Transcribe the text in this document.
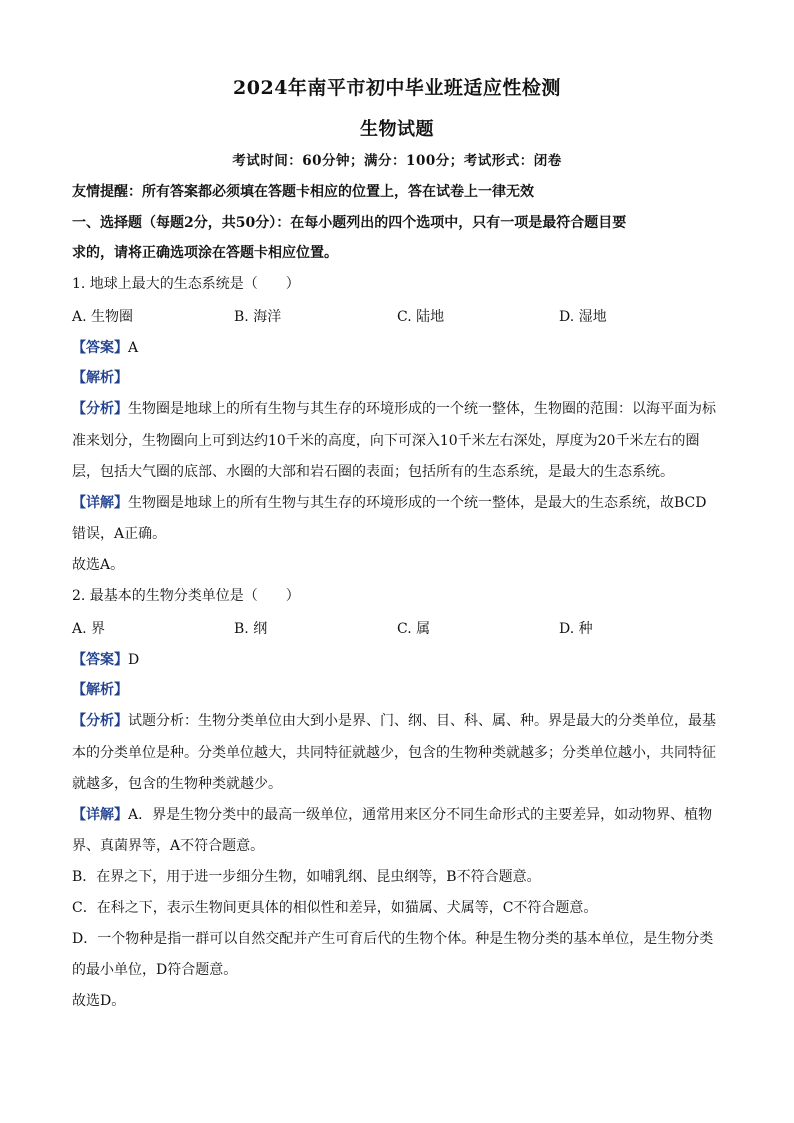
2024年南平市初中毕业班适应性检测
生物试题
考试时间：60分钟；满分：100分；考试形式：闭卷
友情提醒：所有答案都必须填在答题卡相应的位置上，答在试卷上一律无效
一、选择题（每题2分，共50分）：在每小题列出的四个选项中，只有一项是最符合题目要
求的，请将正确选项涂在答题卡相应位置。
1. 地球上最大的生态系统是（　　）
A. 生物圈	B. 海洋	C. 陆地	D. 湿地
【答案】A
【解析】
【分析】生物圈是地球上的所有生物与其生存的环境形成的一个统一整体，生物圈的范围：以海平面为标
准来划分，生物圈向上可到达约10千米的高度，向下可深入10千米左右深处，厚度为20千米左右的圈
层，包括大气圈的底部、水圈的大部和岩石圈的表面；包括所有的生态系统，是最大的生态系统。
【详解】生物圈是地球上的所有生物与其生存的环境形成的一个统一整体，是最大的生态系统，故BCD
错误，A正确。
故选A。
2. 最基本的生物分类单位是（　　）
A. 界	B. 纲	C. 属	D. 种
【答案】D
【解析】
【分析】试题分析：生物分类单位由大到小是界、门、纲、目、科、属、种。界是最大的分类单位，最基
本的分类单位是种。分类单位越大，共同特征就越少，包含的生物种类就越多；分类单位越小，共同特征
就越多，包含的生物种类就越少。
【详解】A．界是生物分类中的最高一级单位，通常用来区分不同生命形式的主要差异，如动物界、植物
界、真菌界等，A不符合题意。
B．在界之下，用于进一步细分生物，如哺乳纲、昆虫纲等，B不符合题意。
C．在科之下，表示生物间更具体的相似性和差异，如猫属、犬属等，C不符合题意。
D．一个物种是指一群可以自然交配并产生可育后代的生物个体。种是生物分类的基本单位，是生物分类
的最小单位，D符合题意。
故选D。
